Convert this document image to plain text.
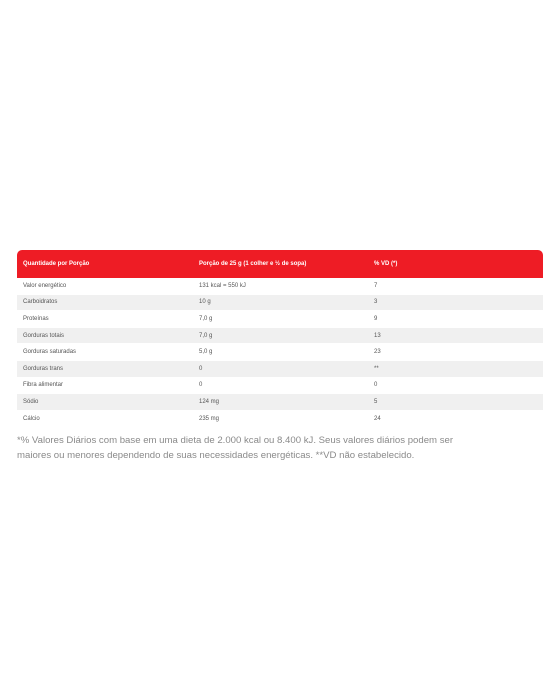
Quantidade por Porção	Porção de 25 g (1 colher e ½ de sopa)	% VD (*)
Valor energético	131 kcal = 550 kJ	7
Carboidratos	10 g	3
Proteínas	7,0 g	9
Gorduras totais	7,0 g	13
Gorduras saturadas	5,0 g	23
Gorduras trans	0	**
Fibra alimentar	0	0
Sódio	124 mg	5
Cálcio	235 mg	24

*% Valores Diários com base em uma dieta de 2.000 kcal ou 8.400 kJ. Seus valores diários podem ser maiores ou menores dependendo de suas necessidades energéticas. **VD não estabelecido.
